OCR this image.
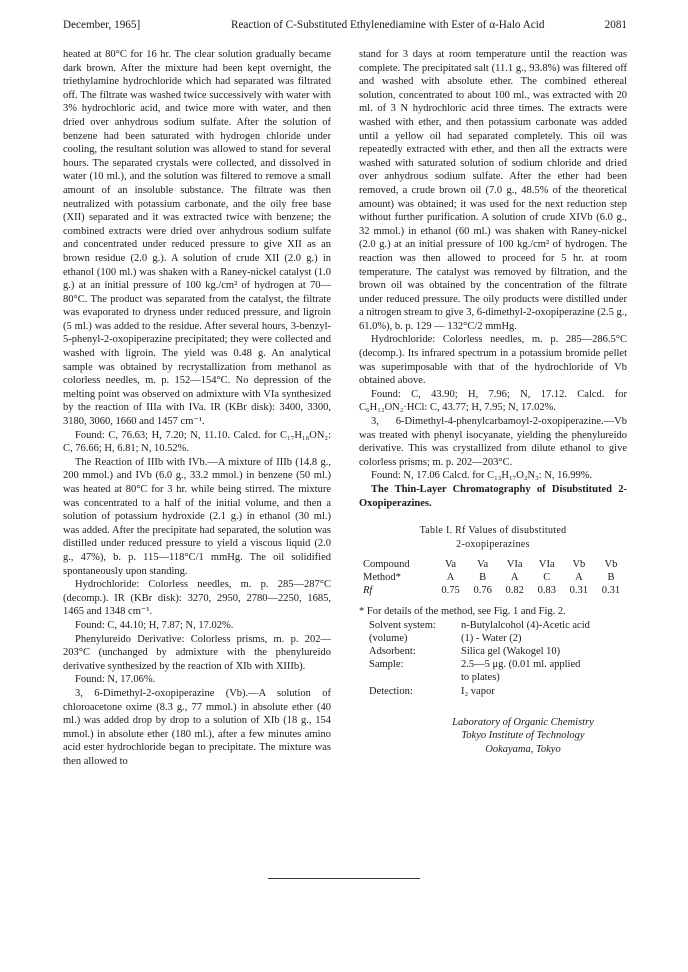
December, 1965]	Reaction of C-Substituted Ethylenediamine with Ester of α-Halo Acid	2081

heated at 80°C for 16 hr. The clear solution gradually became dark brown. After the mixture had been kept overnight, the triethylamine hydrochloride which had separated was filtrated off. The filtrate was washed twice successively with water with 3% hydrochloric acid, and twice more with water, and then dried over anhydrous sodium sulfate. After the solution of benzene had been saturated with hydrogen chloride under cooling, the resultant solution was allowed to stand for several hours. The separated crystals were collected, and dissolved in water (10 ml.), and the solution was filtered to remove a small amount of an insoluble substance. The filtrate was then neutralized with potassium carbonate, and the oily free base (XII) separated and it was extracted twice with benzene; the combined extracts were dried over anhydrous sodium sulfate and concentrated under reduced pressure to give XII as an brown residue (2.0 g.). A solution of crude XII (2.0 g.) in ethanol (100 ml.) was shaken with a Raney-nickel catalyst (1.0 g.) at an initial pressure of 100 kg./cm² of hydrogen at 70—80°C. The product was separated from the catalyst, the filtrate was evaporated to dryness under reduced pressure, and ligroin (5 ml.) was added to the residue. After several hours, 3-benzyl-5-phenyl-2-oxopiperazine precipitated; they were collected and washed with ligroin. The yield was 0.48 g. An analytical sample was obtained by recrystallization from methanol as colorless needles, m. p. 152—154°C. No depression of the melting point was observed on admixture with VIa synthesized by the reaction of IIIa with IVa. IR (KBr disk): 3400, 3300, 3180, 3060, 1660 and 1457 cm⁻¹.

Found: C, 76.63; H, 7.20; N, 11.10. Calcd. for C₁₇H₁₈ON₂: C, 76.66; H, 6.81; N, 10.52%.

The Reaction of IIIb with IVb.—A mixture of IIIb (14.8 g., 200 mmol.) and IVb (6.0 g., 33.2 mmol.) in benzene (50 ml.) was heated at 80°C for 3 hr. while being stirred. The mixture was concentrated to a half of the initial volume, and then a solution of potassium hydroxide (2.1 g.) in ethanol (30 ml.) was added. After the precipitate had separated, the solution was distilled under reduced pressure to yield a viscous liquid (2.0 g., 47%), b. p. 115—118°C/1 mmHg. The oil solidified spontaneously upon standing.

Hydrochloride: Colorless needles, m. p. 285—287°C (decomp.). IR (KBr disk): 3270, 2950, 2780—2250, 1685, 1465 and 1348 cm⁻¹.

Found: C, 44.10; H, 7.87; N, 17.02%.

Phenylureido Derivative: Colorless prisms, m. p. 202—203°C (unchanged by admixture with the phenylureido derivative synthesized by the reaction of XIb with XIIIb).

Found: N, 17.06%.

3, 6-Dimethyl-2-oxopiperazine (Vb).—A solution of chloroacetone oxime (8.3 g., 77 mmol.) in absolute ether (40 ml.) was added drop by drop to a solution of XIb (18 g., 154 mmol.) in absolute ether (180 ml.), after a few minutes amino acid ester hydrochloride began to precipitate. The mixture was then allowed to

stand for 3 days at room temperature until the reaction was complete. The precipitated salt (11.1 g., 93.8%) was filtered off and washed with absolute ether. The combined ethereal solution, concentrated to about 100 ml., was extracted with 20 ml. of 3 N hydrochloric acid three times. The extracts were washed with ether, and then potassium carbonate was added until a yellow oil had separated completely. This oil was repeatedly extracted with ether, and then all the extracts were washed with saturated solution of sodium chloride and dried over anhydrous sodium sulfate. After the ether had been removed, a crude brown oil (7.0 g., 48.5% of the theoretical amount) was obtained; it was used for the next reduction step without further purification. A solution of crude XIVb (6.0 g., 32 mmol.) in ethanol (60 ml.) was shaken with Raney-nickel (2.0 g.) at an initial pressure of 100 kg./cm² of hydrogen. The reaction was then allowed to proceed for 5 hr. at room temperature. The catalyst was removed by filtration, and the brown oil was obtained by the concentration of the filtrate under reduced pressure. The oily products were distilled under a nitrogen stream to give 3, 6-dimethyl-2-oxopiperazine (2.5 g., 61.0%), b. p. 129 — 132°C/2 mmHg.

Hydrochloride: Colorless needles, m. p. 285—286.5°C (decomp.). Its infrared spectrum in a potassium bromide pellet was superimposable with that of the hydrochloride of Vb obtained above.

Found: C, 43.90; H, 7.96; N, 17.12. Calcd. for C₆H₁₂ON₂·HCl: C, 43.77; H, 7.95; N, 17.02%.

3, 6-Dimethyl-4-phenylcarbamoyl-2-oxopiperazine.—Vb was treated with phenyl isocyanate, yielding the phenylureido derivative. This was crystallized from dilute ethanol to give colorless prisms; m. p. 202—203°C.

Found: N, 17.06 Calcd. for C₁₃H₁₇O₂N₃: N, 16.99%.

The Thin-Layer Chromatography of Disubstituted 2-Oxopiperazines.

Table I. Rf Values of disubstituted
2-oxopiperazines
Compound	Va	Va	VIa	VIa	Vb	Vb
Method*	A	B	A	C	A	B
Rf	0.75	0.76	0.82	0.83	0.31	0.31
* For details of the method, see Fig. 1 and Fig. 2.
Solvent system:	n-Butylalcohol (4)-Acetic acid
(volume)	(1) - Water (2)
Adsorbent:	Silica gel (Wakogel 10)
Sample:	2.5—5 μg. (0.01 ml. applied
to plates)
Detection:	I₂ vapor
Laboratory of Organic Chemistry
Tokyo Institute of Technology
Ookayama, Tokyo
